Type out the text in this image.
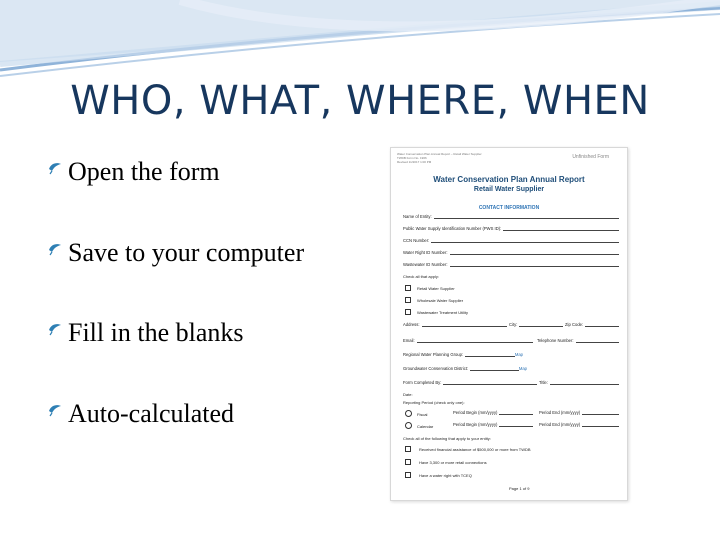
WHO, WHAT, WHERE, WHEN
Open the form
Save to your computer
Fill in the blanks
Auto-calculated
Water Conservation Plan Annual Report – Retail Water Supplier
TWDB Form No. 1966
Revised 11/2017 1:00 PM
Unfinished Form
Water Conservation Plan Annual Report
Retail Water Supplier
CONTACT INFORMATION
Name of Entity:
Public Water Supply Identification Number (PWS ID):
CCN Number:
Water Right ID Number:
Wastewater ID Number:
Check all that apply:
Retail Water Supplier
Wholesale Water Supplier
Wastewater Treatment Utility
Address:	City:	Zip Code:
Email:	Telephone Number:
Regional Water Planning Group:	Map
Groundwater Conservation District:	Map
Form Completed By:	Title:
Date:
Reporting Period (check only one):
Fiscal	Period Begin (mm/yyyy)	Period End (mm/yyyy)
Calendar	Period Begin (mm/yyyy)	Period End (mm/yyyy)
Check all of the following that apply to your entity:
Received financial assistance of $500,000 or more from TWDB
Have 3,300 or more retail connections
Have a water right with TCEQ
Page 1 of 9
